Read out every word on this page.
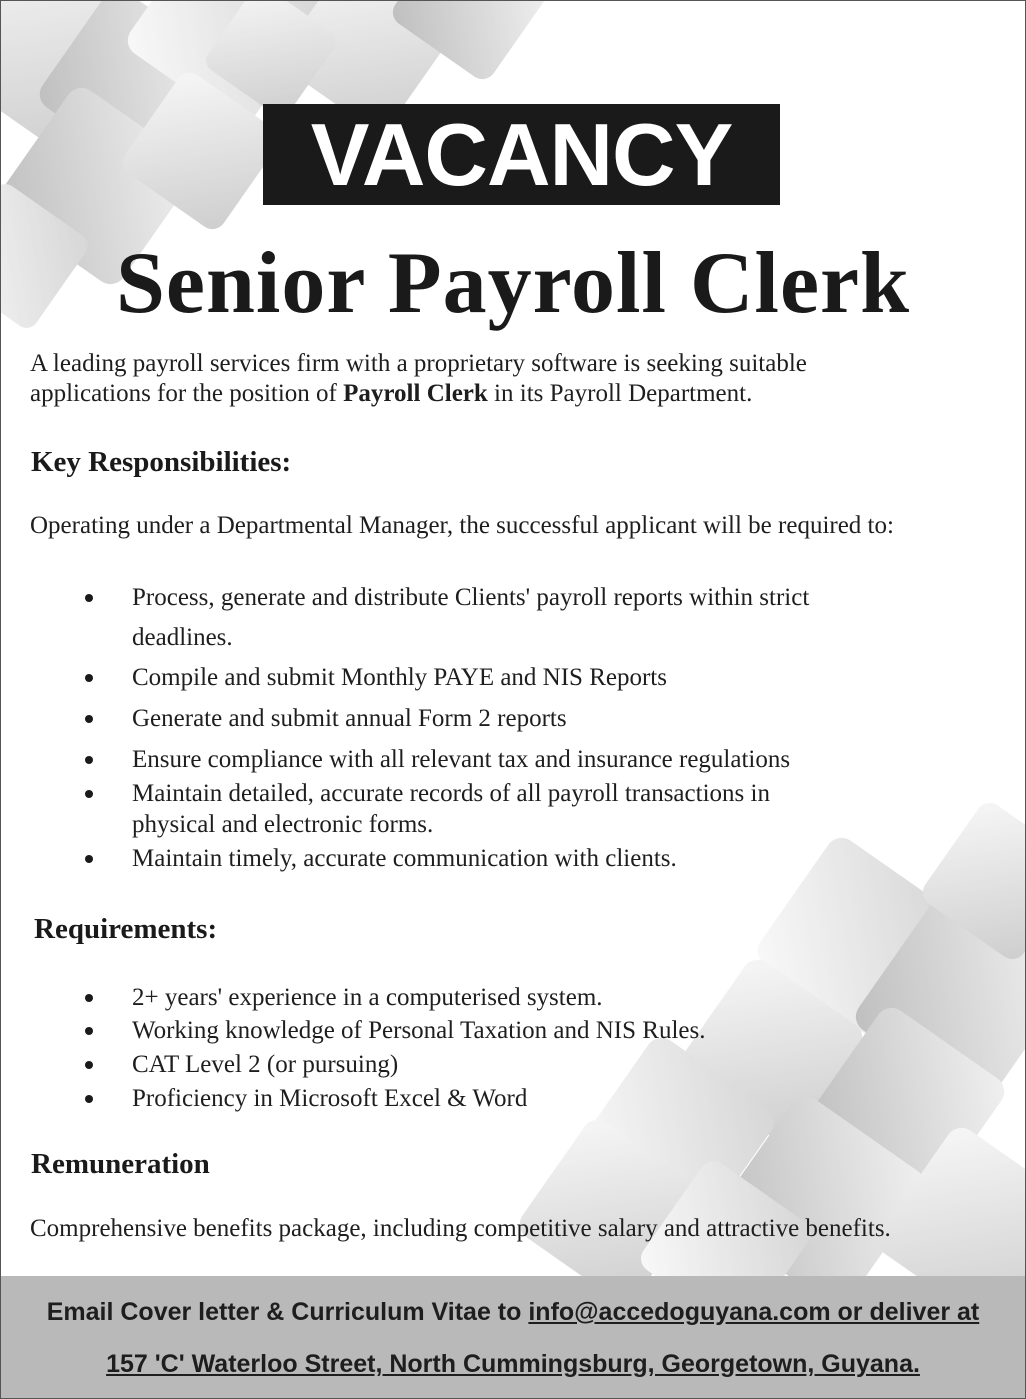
VACANCY
Senior Payroll Clerk
A leading payroll services firm with a proprietary software is seeking suitable
applications for the position of Payroll Clerk in its Payroll Department.
Key Responsibilities:
Operating under a Departmental Manager, the successful applicant will be required to:
Process, generate and distribute Clients' payroll reports within strict
deadlines.
Compile and submit Monthly PAYE and NIS Reports
Generate and submit annual Form 2 reports
Ensure compliance with all relevant tax and insurance regulations
Maintain detailed, accurate records of all payroll transactions in
physical and electronic forms.
Maintain timely, accurate communication with clients.
Requirements:
2+ years' experience in a computerised system.
Working knowledge of Personal Taxation and NIS Rules.
CAT Level 2 (or pursuing)
Proficiency in Microsoft Excel & Word
Remuneration
Comprehensive benefits package, including competitive salary and attractive benefits.
Email Cover letter & Curriculum Vitae to info@accedoguyana.com or deliver at
157 'C' Waterloo Street, North Cummingsburg, Georgetown, Guyana.
